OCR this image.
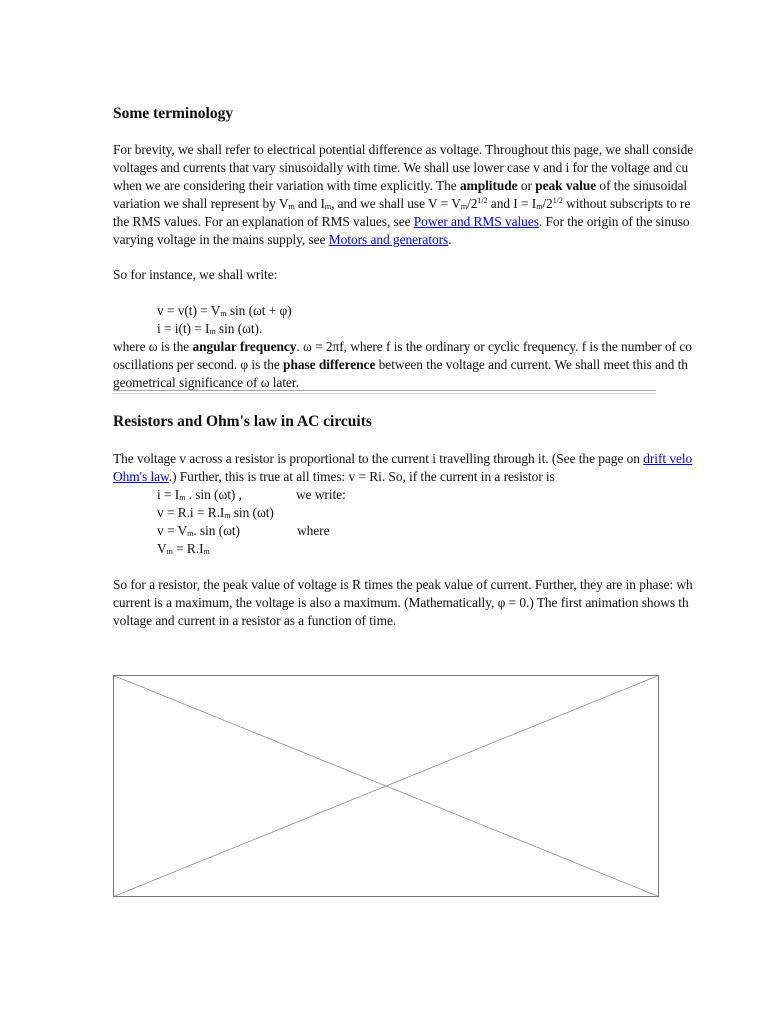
Some terminology
For brevity, we shall refer to electrical potential difference as voltage. Throughout this page, we shall conside
voltages and currents that vary sinusoidally with time. We shall use lower case v and i for the voltage and cu
when we are considering their variation with time explicitly. The amplitude or peak value of the sinusoidal
variation we shall represent by $V_m$ and $I_m$, and we shall use $V = V_m/2^{1/2}$ and $I = I_m/2^{1/2}$ without subscripts to re
the RMS values. For an explanation of RMS values, see Power and RMS values. For the origin of the sinuso
varying voltage in the mains supply, see Motors and generators.
So for instance, we shall write:
$v = v(t) = V_m$ sin (ωt + φ)
$i = i(t) = I_m$ sin (ωt).
where ω is the angular frequency. ω = 2πf, where f is the ordinary or cyclic frequency. f is the number of co
oscillations per second. φ is the phase difference between the voltage and current. We shall meet this and th
geometrical significance of ω later.
Resistors and Ohm's law in AC circuits
The voltage v across a resistor is proportional to the current i travelling through it. (See the page on drift velo
Ohm's law.) Further, this is true at all times: v = Ri. So, if the current in a resistor is
$i = I_m$ . sin (ωt) ,	we write:
$v = R.i = R.I_m$ sin (ωt)
$v = V_m$. sin (ωt)	where
$V_m = R.I_m$
So for a resistor, the peak value of voltage is R times the peak value of current. Further, they are in phase: wh
current is a maximum, the voltage is also a maximum. (Mathematically, φ = 0.) The first animation shows th
voltage and current in a resistor as a function of time.
